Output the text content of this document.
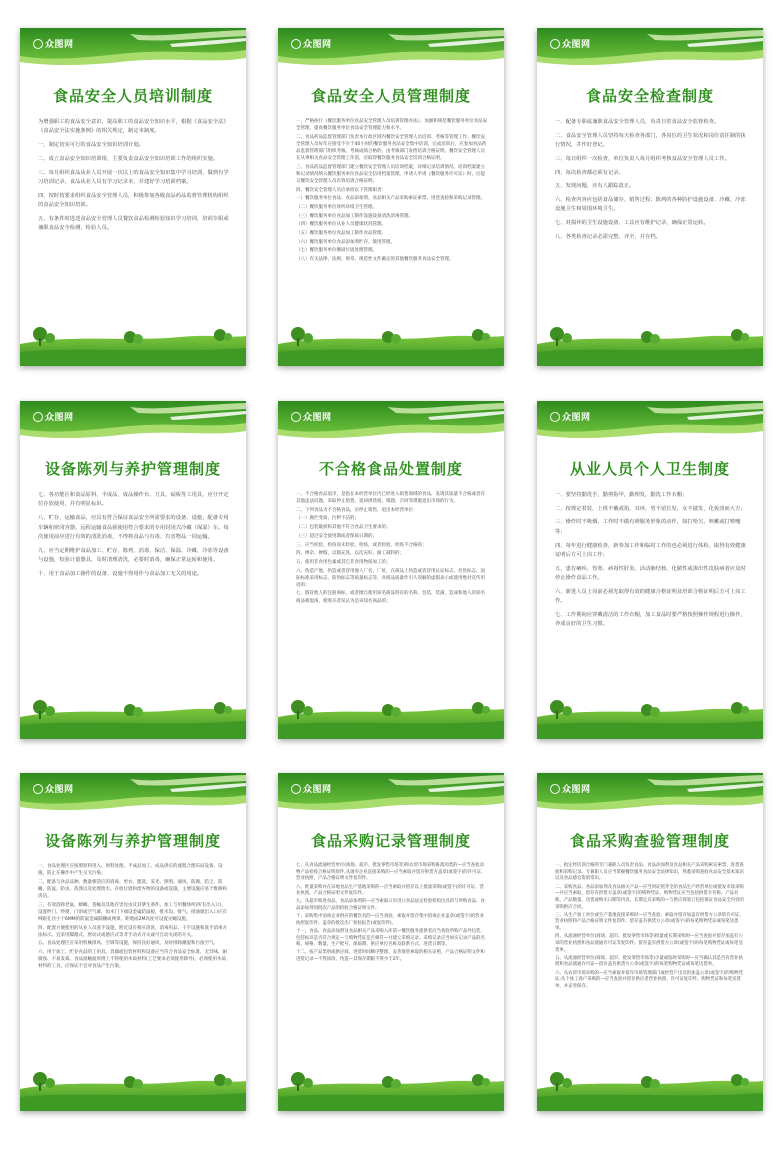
众图网
食品安全人员培训制度

为增强职工的食品安全意识，提高职工的食品安全知识水平，根据《食品安全法》《食品安全法实施条例》的相关规定，制定本制度。

一、制定切实可行的食品安全知识培训计划。

二、成立食品安全知识培训组，主要负责食品安全知识培训工作的组织实施。

三、每月组织食品从业人员开展一次以上的食品安全知识集中学习培训，做到有学习培训记录，食品从业人员有学习记录本，并建好学习培训档案。

四、按时按要求组织食品安全管理人员，积极参加各级食品药品监督管理机构组织的食品安全知识培训。

五、有条件时选送食品安全管理人员餐饮食品检测检验知识学习培训，培训专职或兼职食品安全检测，检验人员。

众图网
食品安全人员管理制度

一、严格执行《餐饮服务单位食品安全管理人员培训管理办法》，加强和规范餐饮服务单位食品安全管理，提高餐饮服务单位食品安全管理能力和水平。

二、食品药品监督管理部门负责本行政区域内餐饮安全管理人员培训、考核等管理工作。餐饮安全管理人员每年应接受不少于40小时的餐饮服务食品安全集中培训，完成培训后，应参加食品药品监督管理部门组织考核。考核成绩合格的，由考核部门发给培训合格证明。餐饮安全管理人员在从事相关食品安全管理工作前，应取得餐饮服务食品安全培训合格证明。

三、食品药品监督管理部门建立餐饮安全管理人员培训档案，详细记录培训情况。培训档案建立和记录情况纳入餐饮服务单位食品安全信用档案管理。申请人申请《餐饮服务许可证》时，应提交餐饮安全管理人员有效培训合格证明。

四、餐饮安全管理人员应承担以下管理职责：

一）餐饮服务单位食品、食品添加剂、食品相关产品采购索证索票、进货查验和采购记录管理。

（二）餐饮服务单位场所环境卫生管理。

（三）餐饮服务单位食品加工制作设施设备清洗消毒管理。

（四）餐饮服务单位从业人员健康状况管理。

（五）餐饮服务单位食品加工制作食品管理。

（六）餐饮服务单位食品添加剂贮存、使用管理。

（七）餐饮服务单位餐厨垃圾处理管理。

（八）有关法律、法规、规章、规范性文件确定的其他餐饮服务食品安全管理。

众图网
食品安全检查制度

一、配备专职或兼职食品安全管理人员，负责日常食品安全监督检查。

二、食品安全管理人员坚持每天检查各部门，各岗位的卫生状况和岗位责任制的执行情况，并作好登记。

三、每日组织一次检查，单位负责人每月组织考核食品安全管理人员工作。

四、每次检查都必须有记录。

五、发现问题，应有人跟踪改正。

六、检查内容应包括食品储存、销售过程；陈列的各种防护设施设备、冷藏、冷冻设施卫生和周围环境卫生。

七、对损坏的卫生设施设备、工具应有维护记录，确保正常运转。

八、各类检查记录必需完整、齐全，并存档。

众图网
设备陈列与养护管理制度

七、各功能区和食品原料、半成品、成品操作台、刀具、砧板等工用具，应分开定位存放使用，并有明显标识。

八、贮存、运输食品，应具有符合保证食品安全所需要求的设备、设施，配备专用车辆和密闭容器，远程运输食品须使用符合要求的专用封闭式冷藏（保温）车。每次使用前应进行有效的清洗消毒，不得将食品与有毒、有害物品一同运输。

九、应当定期维护食品加工、贮存、陈列、消毒、保洁、保温、冷藏、冷冻等设备与设施，校验计量器具，及时清理清洗，必要时消毒，确保正常运转和使用。

十、用于食品加工操作的设备、设施不得用作与食品加工无关的用途。

众图网
不合格食品处置制度

一、不合格食品退市，是指在本经营单位内已经进入销售领域的食品，发现其质量不合格或者有其他违法问题，采取停止销售、退回供货商、销毁、召回等措施退出市场的行为。

二、下列食品为不合格食品，应停止销售，退出本经营单位：

（一）腐烂变质、污秽不洁的；

（二）包装破损和其他不符合食品卫生要求的；

（三）超过安全使用期或者保质日期的；

三、应当检验、检疫而未检验、检疫，或者检验、检疫不合格的；

四、掺杂、掺假，以假充真，以次充好，偷工减料的；

五、使用非食用色素或其它非食用物质加工的；

六、伪造产地，伪造或者冒用他人厂名、厂址，在商品上伪造或者冒用认证标志、名优标志、国际标准采用标志、防伪标志等质量标志等，对商品质量作引人误解的虚假表示或使用绝对宣传用语的；

七、假冒他人的注册商标，或者擅自使用知名商品特有的名称、包装、装潢，造成和他人的知名商品相混淆，使购买者误认为是该知名商品的；

众图网
从业人员个人卫生制度

一、要坚持勤洗手，勤剪指甲，勤理发，勤洗工作衣帽；

二、按规定着装，上班不戴戒指、耳环，男不留长发，女不披发，化妆淡而大方；

三、操作时不吸烟，工作时不做有碍服务形象的动作，如打哈欠、咳嗽或打喷嚏等；

四、每年进行健康检查，新参加工作和临时工作的也必须进行体检，取得有效健康证明后方可上岗工作；

五、患有痢疾、伤寒、病毒性肝炎、活动肺结核、化脓性或渗出性皮肤病者应及时停止操作食品工作。

六、新进人员上岗前必须先取得有效的健康合格证明及培训合格证明后方可上岗工作。

七、工作期间应穿戴清洁的工作衣帽，加工食品时要严格按照操作规程进行操作，养成良好的卫生习惯。

众图网
设备陈列与养护管理制度

一、食品处理区应按照原料进入、原料处理、半成品加工、成品供应的流程合理布局设备、设施，防止在操作中产生交叉污染。

二、配备与食品品种、数量相适应的消毒、更衣、盥洗、采光、照明、通风、防腐、防尘、防蝇、防鼠、防虫、洗涤以及处理废水、存放垃圾和废弃物的设备或设施，主要设施应易于维修和清洁。

三、有效消除老鼠、蟑螂、苍蝇及其他有害昆虫及其孳生条件。加工与用餐场所(所有出入口)，设置纱门、纱窗，门帘或空气幕，如木门下端设金属防鼠板，排水沟、排气、排油烟出入口应有网眼孔径小于6MM的防鼠金属隔栅或网罩，距地面2M高度可设置灭蝇设施。

四、配置方便使用的从业人员洗手设施，附近设有相应清洗、消毒用品、干手设施和洗手消毒方法标示。宜采用脚踏式、肘动式或感应式等非手动式开关或可自动关闭的开关。

五、食品处理区应采用机械排风、空调等设施，保持良好通风，及时排除潮湿和污浊空气。

六、用于加工、贮存食品的工用具、容器或包装材料和设备应当符合食品安全标准，无异味、耐腐蚀、不易发霉。食品接触面原则上不得使用木质材料(工艺要求必须使用除外)，必须使用木质材料的工具，应保证不会对食品产生污染。

众图网
食品采购记录管理制度

七、从食品流通经营单位(商场、超市、批发零售市场等)和农贸市场采购畜禽肉类的—应当查验动物产品检疫合格证明原件,从屠宰企业直接采购的—应当索取并留存供货方盖章(或签字)的许可证、营业执照、产品合格证明文件复印件。

八、批量采购并在异地食品生产基地采购的—应当索取并留存以上批量采购(或签字)的许可证、营业执照、产品合格证明文件复印件。

九、从超市购进食品、食品添加剂的—应当索取口岸进口食品法定检验机构出具的与所购食品、食品添加剂同批次产品的检验合格证明文件。

十、采购集中消毒企业供应的餐饮具的—应当查验、索取并留存集中消毒企业盖章(或签字)的营业执照复印件、盖章的批次出厂检验报告(或复印件)。

十一、食品、食品添加剂及食品相关产品采购入库前—餐饮服务提供者应当查验所购产品外包装、包装标识是否符合规定—与购物凭证是否相符—并建立采购记录。采购记录应当如实记录产品的名称、规格、数量、生产批号、保质期、供应单位名称及联系方式、进货日期等。

十二、按产品类别或供应商、进货时间顺序整理、妥善保管索取的相关证照、产品合格证明文件和进货记录—不得涂改、伪造—其保存期限不得少于2年。

众图网
食品采购查验管理制度

一、指定经培训合格的专门兼职人员负责食品、食品添加剂及食品相关产品采购索证索票、进货查验和采购记录。专兼职人员应当掌握餐饮服务食品安全法律知识，熟悉采购查验食品安全基本知识以及食品感官鉴别常识。

二、采购食品、食品添加剂及食品相关产品—应当到证照齐全的食品生产经营单位或批发市场采购—并应当索取、留存有供货方盖章(或签字)的购物凭证。购物凭证应当包括供货方名称、产品名称、产品数量、送货或购买日期等内容。长期定点采购的—与供应商签订包括保证食品安全内容的采购供应合同。

三、从生产加工单位或生产基地直接采购时—应当查验、索取并留存加盖有供货方公章的许可证、营业执照和产品合格证明文件复印件。留存盖有供货方公章(或签字)的每笔购物凭证或每笔送货单。

四、从流通经营单位(商场、超市、批发零售市场等)批量或长期采购时—应当查验并留存加盖有公章的营业执照和食品流通许可证等复印件。留存盖有供货方公章(或签字)的每笔购物凭证或每笔送货单。

五、从流通经营单位(商场、超市、批发零售市场等)少量或临时采购时—应当确认其是否有营业执照和食品流通许可证—留存盖有供货方公章(或签字)的每笔购物凭证或每笔送货单。

六、从农贸市场采购的—应当索取并留存市场管理部门或经营户出具的加盖公章(或签字)的购物凭证;从个体工商户采购的—应当查验并留存供应者营业执照、许可证复印件、购物凭证和每笔送货单，并妥善保存。
